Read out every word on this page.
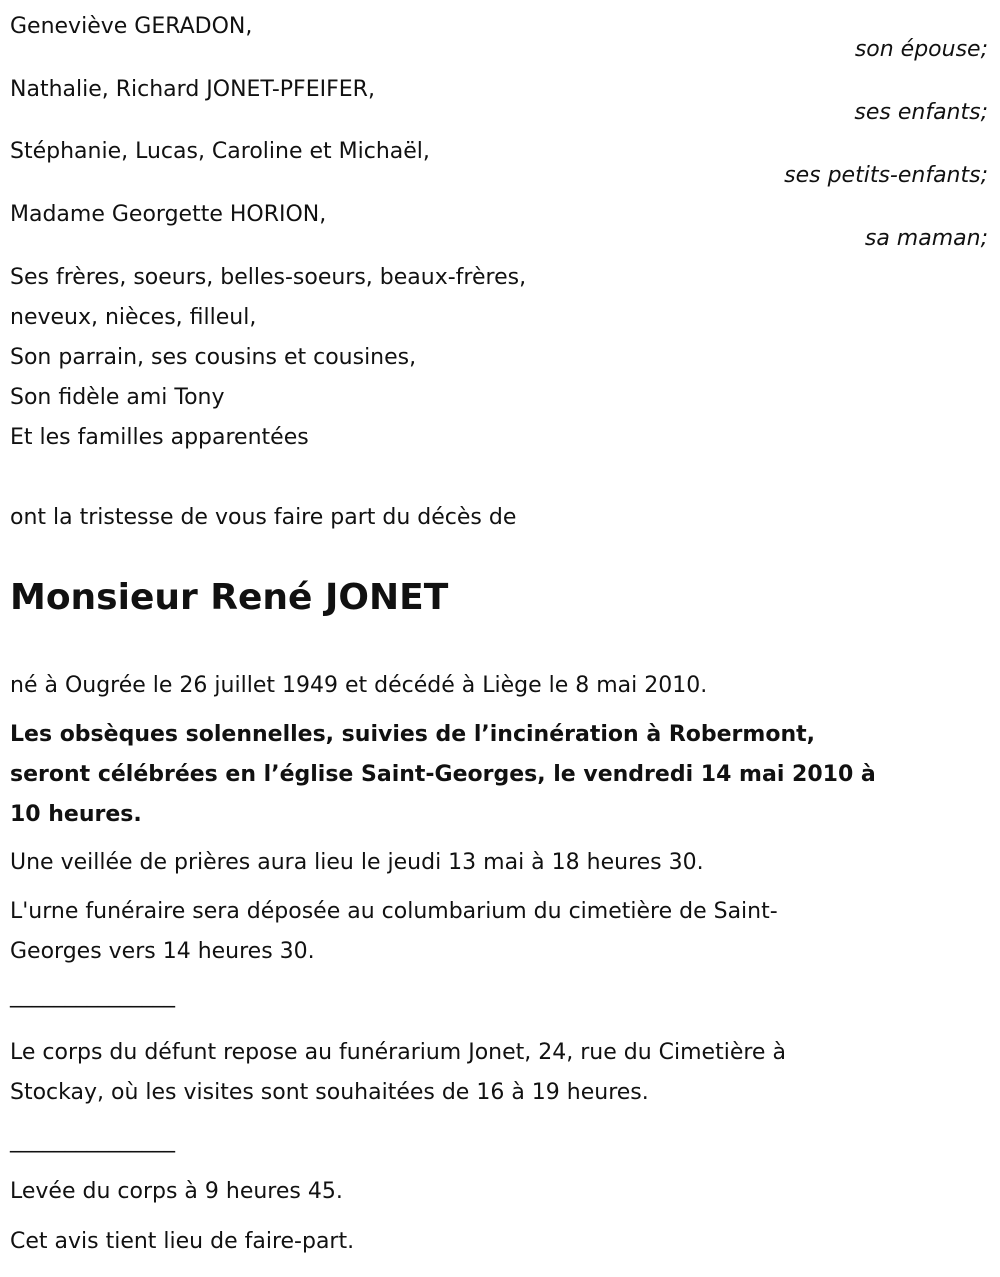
Geneviève GERADON,
son épouse;
Nathalie, Richard JONET-PFEIFER,
ses enfants;
Stéphanie, Lucas, Caroline et Michaël,
ses petits-enfants;
Madame Georgette HORION,
sa maman;
Ses frères, soeurs, belles-soeurs, beaux-frères,
neveux, nièces, filleul,
Son parrain, ses cousins et cousines,
Son fidèle ami Tony
Et les familles apparentées
ont la tristesse de vous faire part du décès de
Monsieur René JONET
né à Ougrée le 26 juillet 1949 et décédé à Liège le 8 mai 2010.
Les obsèques solennelles, suivies de l’incinération à Robermont,
seront célébrées en l’église Saint-Georges, le vendredi 14 mai 2010 à
10 heures.
Une veillée de prières aura lieu le jeudi 13 mai à 18 heures 30.
L'urne funéraire sera déposée au columbarium du cimetière de Saint-
Georges vers 14 heures 30.
_______________
Le corps du défunt repose au funérarium Jonet, 24, rue du Cimetière à
Stockay, où les visites sont souhaitées de 16 à 19 heures.
_______________
Levée du corps à 9 heures 45.
Cet avis tient lieu de faire-part.
